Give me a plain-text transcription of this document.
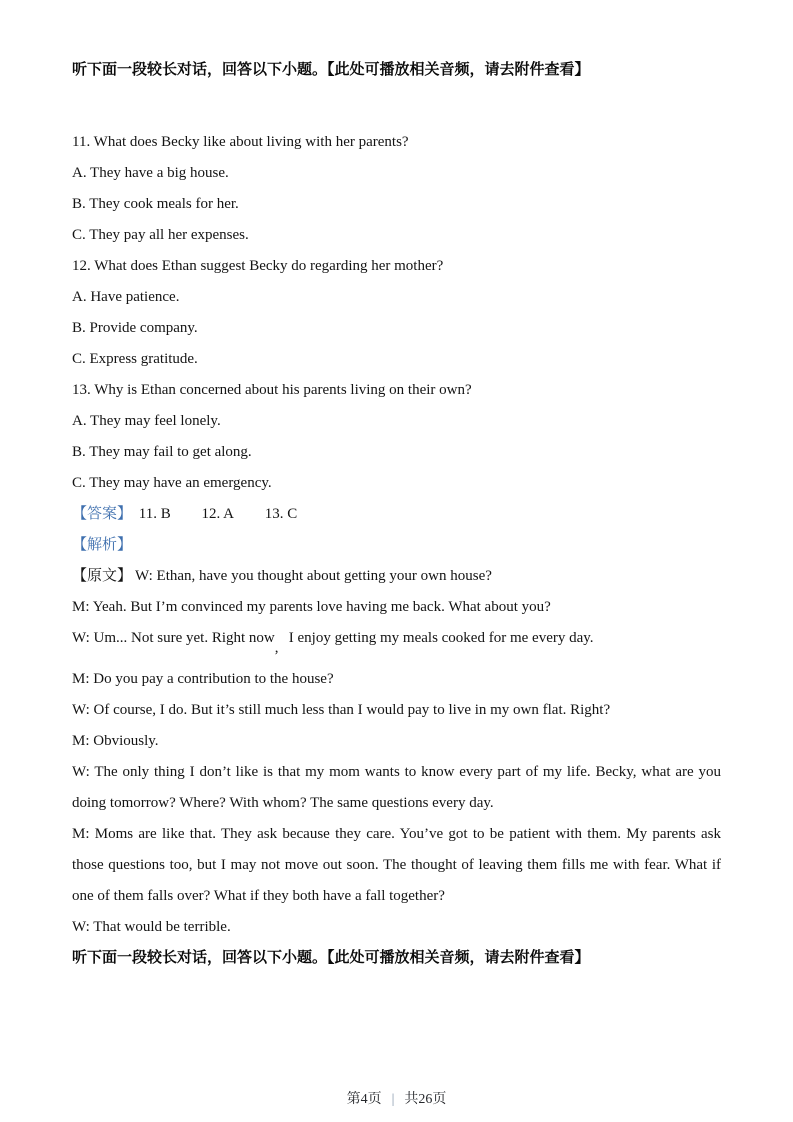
听下面一段较长对话，回答以下小题。【此处可播放相关音频，请去附件查看】

11. What does Becky like about living with her parents?

A. They have a big house.

B. They cook meals for her.

C. They pay all her expenses.

12. What does Ethan suggest Becky do regarding her mother?

A. Have patience.

B. Provide company.

C. Express gratitude.

13. Why is Ethan concerned about his parents living on their own?

A. They may feel lonely.

B. They may fail to get along.

C. They may have an emergency.

【答案】 11. B 12. A 13. C

【解析】

【原文】 W: Ethan, have you thought about getting your own house?

M: Yeah. But I’m convinced my parents love having me back. What about you?

W: Um... Not sure yet. Right now,I enjoy getting my meals cooked for me every day.

M: Do you pay a contribution to the house?

W: Of course, I do. But it’s still much less than I would pay to live in my own flat. Right?

M: Obviously.

W: The only thing I don’t like is that my mom wants to know every part of my life. Becky, what are you doing tomorrow? Where? With whom? The same questions every day.

M: Moms are like that. They ask because they care. You’ve got to be patient with them. My parents ask those questions too, but I may not move out soon. The thought of leaving them fills me with fear. What if one of them falls over? What if they both have a fall together?

W: That would be terrible.

听下面一段较长对话，回答以下小题。【此处可播放相关音频，请去附件查看】

第4页 | 共26页
